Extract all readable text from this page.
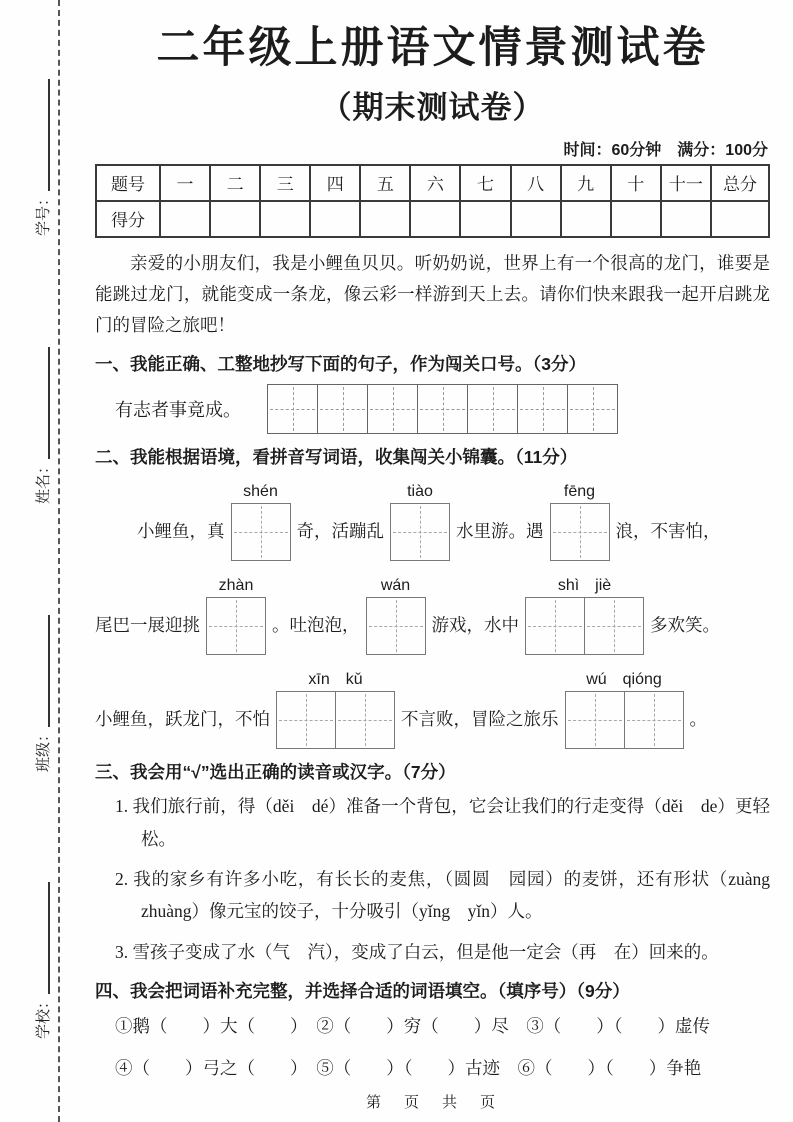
学号：
姓名：
班级：
学校：
二年级上册语文情景测试卷
（期末测试卷）
时间：60分钟　满分：100分
题号	一	二	三	四	五	六	七	八	九	十	十一	总分
得分												

亲爱的小朋友们，我是小鲤鱼贝贝。听奶奶说，世界上有一个很高的龙门，谁要是能跳过龙门，就能变成一条龙，像云彩一样游到天上去。请你们快来跟我一起开启跳龙门的冒险之旅吧！

一、我能正确、工整地抄写下面的句子，作为闯关口号。（3分）
有志者事竟成。
二、我能根据语境，看拼音写词语，收集闯关小锦囊。（11分）
小鲤鱼，真
shén
奇，活蹦乱
tiào
水里游。遇
fēng
浪，不害怕，
尾巴一展迎挑
zhàn
。吐泡泡，
wán
游戏，水中
shì　jiè
多欢笑。
小鲤鱼，跃龙门，不怕
xīn　kǔ
不言败，冒险之旅乐
wú　qióng
。
三、我会用“√”选出正确的读音或汉字。（7分）
1. 我们旅行前，得（děi　dé）准备一个背包，它会让我们的行走变得（děi　de）更轻松。
2. 我的家乡有许多小吃，有长长的麦焦，（圆圆　园园）的麦饼，还有形状（zuàng　zhuàng）像元宝的饺子，十分吸引（yǐng　yǐn）人。
3. 雪孩子变成了水（气　汽），变成了白云，但是他一定会（再　在）回来的。
四、我会把词语补充完整，并选择合适的词语填空。（填序号）（9分）
①鹅（　　）大（　　）　②（　　）穷（　　）尽　③（　　）（　　）虚传
④（　　）弓之（　　）　⑤（　　）（　　）古迹　⑥（　　）（　　）争艳
第　页　共　页
